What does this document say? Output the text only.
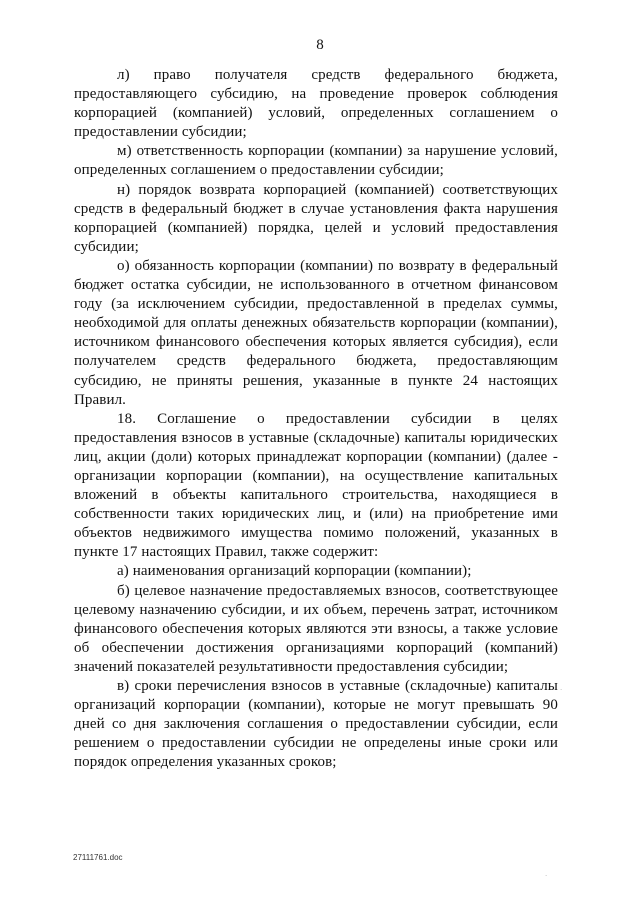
8

л) право получателя средств федерального бюджета, предоставляющего субсидию, на проведение проверок соблюдения корпорацией (компанией) условий, определенных соглашением о предоставлении субсидии;

м) ответственность корпорации (компании) за нарушение условий, определенных соглашением о предоставлении субсидии;

н) порядок возврата корпорацией (компанией) соответствующих средств в федеральный бюджет в случае установления факта нарушения корпорацией (компанией) порядка, целей и условий предоставления субсидии;

о) обязанность корпорации (компании) по возврату в федеральный бюджет остатка субсидии, не использованного в отчетном финансовом году (за исключением субсидии, предоставленной в пределах суммы, необходимой для оплаты денежных обязательств корпорации (компании), источником финансового обеспечения которых является субсидия), если получателем средств федерального бюджета, предоставляющим субсидию, не приняты решения, указанные в пункте 24 настоящих Правил.

18. Соглашение о предоставлении субсидии в целях предоставления взносов в уставные (складочные) капиталы юридических лиц, акции (доли) которых принадлежат корпорации (компании) (далее - организации корпорации (компании), на осуществление капитальных вложений в объекты капитального строительства, находящиеся в собственности таких юридических лиц, и (или) на приобретение ими объектов недвижимого имущества помимо положений, указанных в пункте 17 настоящих Правил, также содержит:

а) наименования организаций корпорации (компании);

б) целевое назначение предоставляемых взносов, соответствующее целевому назначению субсидии, и их объем, перечень затрат, источником финансового обеспечения которых являются эти взносы, а также условие об обеспечении достижения организациями корпораций (компаний) значений показателей результативности предоставления субсидии;

в) сроки перечисления взносов в уставные (складочные) капиталы организаций корпорации (компании), которые не могут превышать 90 дней со дня заключения соглашения о предоставлении субсидии, если решением о предоставлении субсидии не определены иные сроки или порядок определения указанных сроков;

27111761.doc
.
.
